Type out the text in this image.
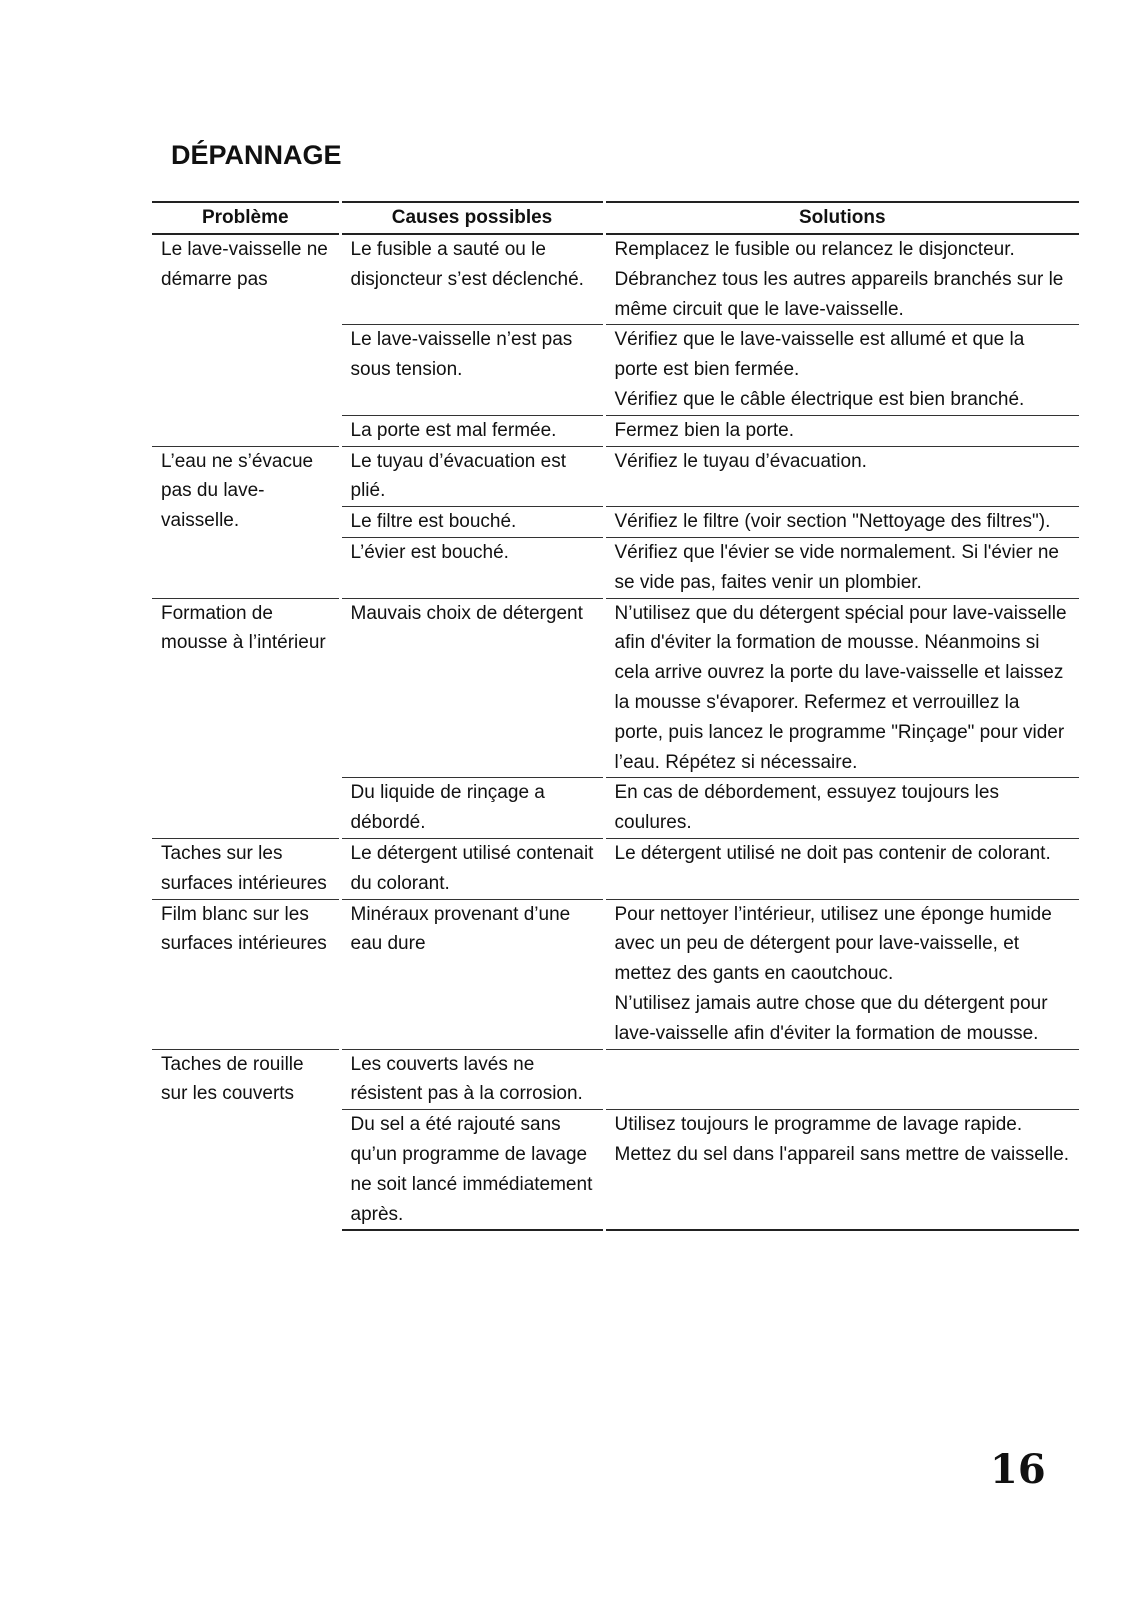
DÉPANNAGE
Problème	Causes possibles	Solutions
Le lave-vaisselle ne démarre pas	Le fusible a sauté ou le disjoncteur s’est déclenché.	Remplacez le fusible ou relancez le disjoncteur.
Débranchez tous les autres appareils branchés sur le même circuit que le lave-vaisselle.

	Le lave-vaisselle n’est pas sous tension.	Vérifiez que le lave-vaisselle est allumé et que la porte est bien fermée.
Vérifiez que le câble électrique est bien branché.

	La porte est mal fermée.	Fermez bien la porte.

L’eau ne s’évacue pas du lave-vaisselle.	Le tuyau d’évacuation est plié.	Vérifiez le tuyau d’évacuation.

	Le filtre est bouché.	Vérifiez le filtre (voir section "Nettoyage des filtres").

	L’évier est bouché.	Vérifiez que l'évier se vide normalement. Si l'évier ne se vide pas, faites venir un plombier.

Formation de mousse à l’intérieur	Mauvais choix de détergent	N’utilisez que du détergent spécial pour lave-vaisselle afin d'éviter la formation de mousse. Néanmoins si cela arrive ouvrez la porte du lave-vaisselle et laissez la mousse s'évaporer. Refermez et verrouillez la porte, puis lancez le programme "Rinçage" pour vider l’eau. Répétez si nécessaire.

	Du liquide de rinçage a débordé.	En cas de débordement, essuyez toujours les coulures.

Taches sur les surfaces intérieures	Le détergent utilisé contenait du colorant.	Le détergent utilisé ne doit pas contenir de colorant.

Film blanc sur les surfaces intérieures	Minéraux provenant d’une eau dure	Pour nettoyer l’intérieur, utilisez une éponge humide avec un peu de détergent pour lave-vaisselle, et mettez des gants en caoutchouc.
N’utilisez jamais autre chose que du détergent pour lave-vaisselle afin d'éviter la formation de mousse.

Taches de rouille sur les couverts	Les couverts lavés ne résistent pas à la corrosion.	
	Du sel a été rajouté sans qu’un programme de lavage ne soit lancé immédiatement après.	Utilisez toujours le programme de lavage rapide.
Mettez du sel dans l'appareil sans mettre de vaisselle.
16
